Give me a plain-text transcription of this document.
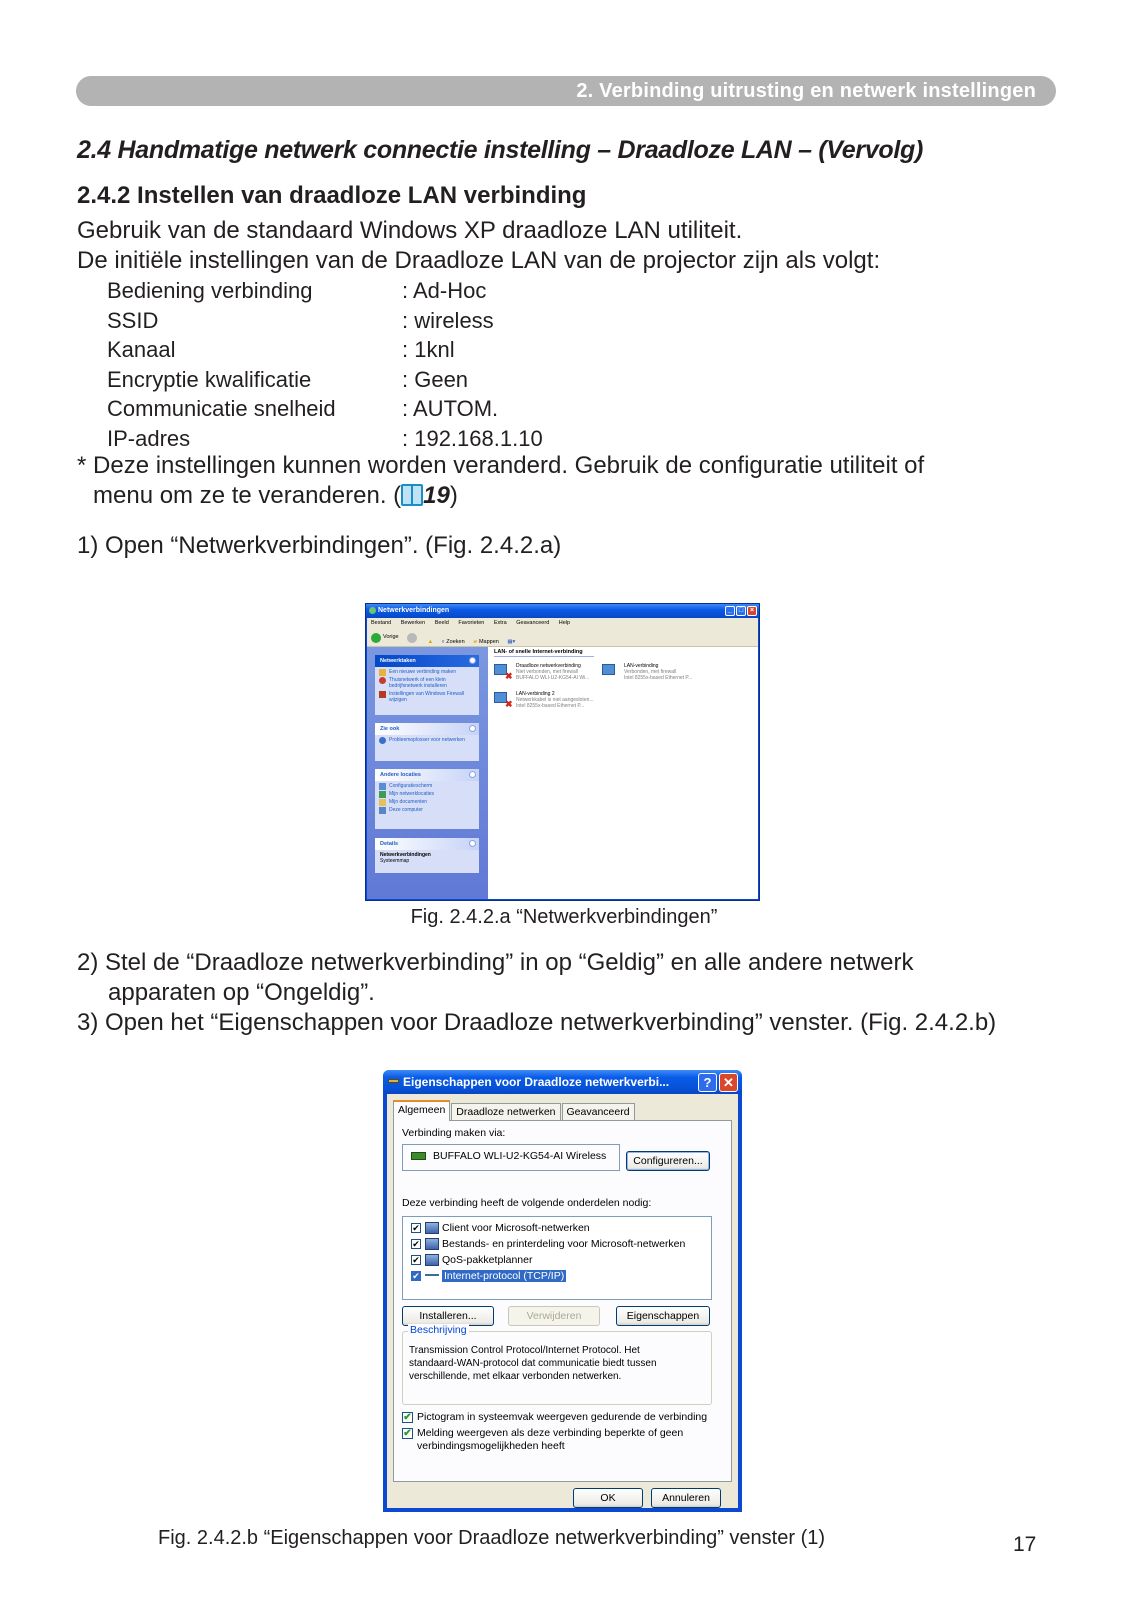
2. Verbinding uitrusting en netwerk instellingen
2.4 Handmatige netwerk connectie instelling – Draadloze LAN – (Vervolg)
2.4.2 Instellen van draadloze LAN verbinding
Gebruik van de standaard Windows XP draadloze LAN utiliteit.
De initiële instellingen van de Draadloze LAN van de projector zijn als volgt:
Bediening verbinding	: Ad-Hoc
SSID	: wireless
Kanaal	: 1knl
Encryptie kwalificatie	: Geen
Communicatie snelheid	: AUTOM.
IP-adres	: 192.168.1.10
* Deze instellingen kunnen worden veranderd. Gebruik de configuratie utiliteit of
menu om ze te veranderen. ( 19)
1) Open “Netwerkverbindingen”. (Fig. 2.4.2.a)
Netwerkverbindingen	_ □ ×
Bestand Bewerken Beeld Favorieten Extra Geavanceerd Help
Vorige

▲ ⌕
Zoeken
▰
Mappen ▦▾
Netwerktaken
Een nieuwe verbinding maken
Thuisnetwerk of een klein bedrijfsnetwerk installeren
Instellingen van Windows Firewall wijzigen
Zie ook
Probleemoplosser voor netwerken
Andere locaties
Configuratiescherm
Mijn netwerklocaties
Mijn documenten
Deze computer
Details
Netwerkverbindingen
Systeemmap
LAN- of snelle Internet-verbinding
✖
Draadloze netwerkverbinding
Niet verbonden, met firewall
BUFFALO WLI-U2-KG54-AI Wi...
LAN-verbinding
Verbonden, met firewall
Intel 8255x-based Ethernet P...
✖
LAN-verbinding 2
Netwerkkabel is niet aangesloten...
Intel 8255x-based Ethernet P...
Fig. 2.4.2.a “Netwerkverbindingen”
2) Stel de “Draadloze netwerkverbinding” in op “Geldig” en alle andere netwerk
apparaten op “Ongeldig”.
3) Open het “Eigenschappen voor Draadloze netwerkverbinding” venster. (Fig. 2.4.2.b)
Eigenschappen voor Draadloze netwerkverbi...	? ✕
Algemeen	Draadloze netwerken	Geavanceerd
Verbinding maken via:
BUFFALO WLI-U2-KG54-AI Wireless	Configureren...
Deze verbinding heeft de volgende onderdelen nodig:
✔ Client voor Microsoft-netwerken
✔ Bestands- en printerdeling voor Microsoft-netwerken
✔ QoS-pakketplanner
✔ Internet-protocol (TCP/IP)
Installeren...	Verwijderen	Eigenschappen
Beschrijving
Transmission Control Protocol/Internet Protocol. Het
standaard-WAN-protocol dat communicatie biedt tussen
verschillende, met elkaar verbonden netwerken.
✔ Pictogram in systeemvak weergeven gedurende de verbinding
✔ Melding weergeven als deze verbinding beperkte of geen
verbindingsmogelijkheden heeft
OK	Annuleren
Fig. 2.4.2.b “Eigenschappen voor Draadloze netwerkverbinding” venster (1)	17
